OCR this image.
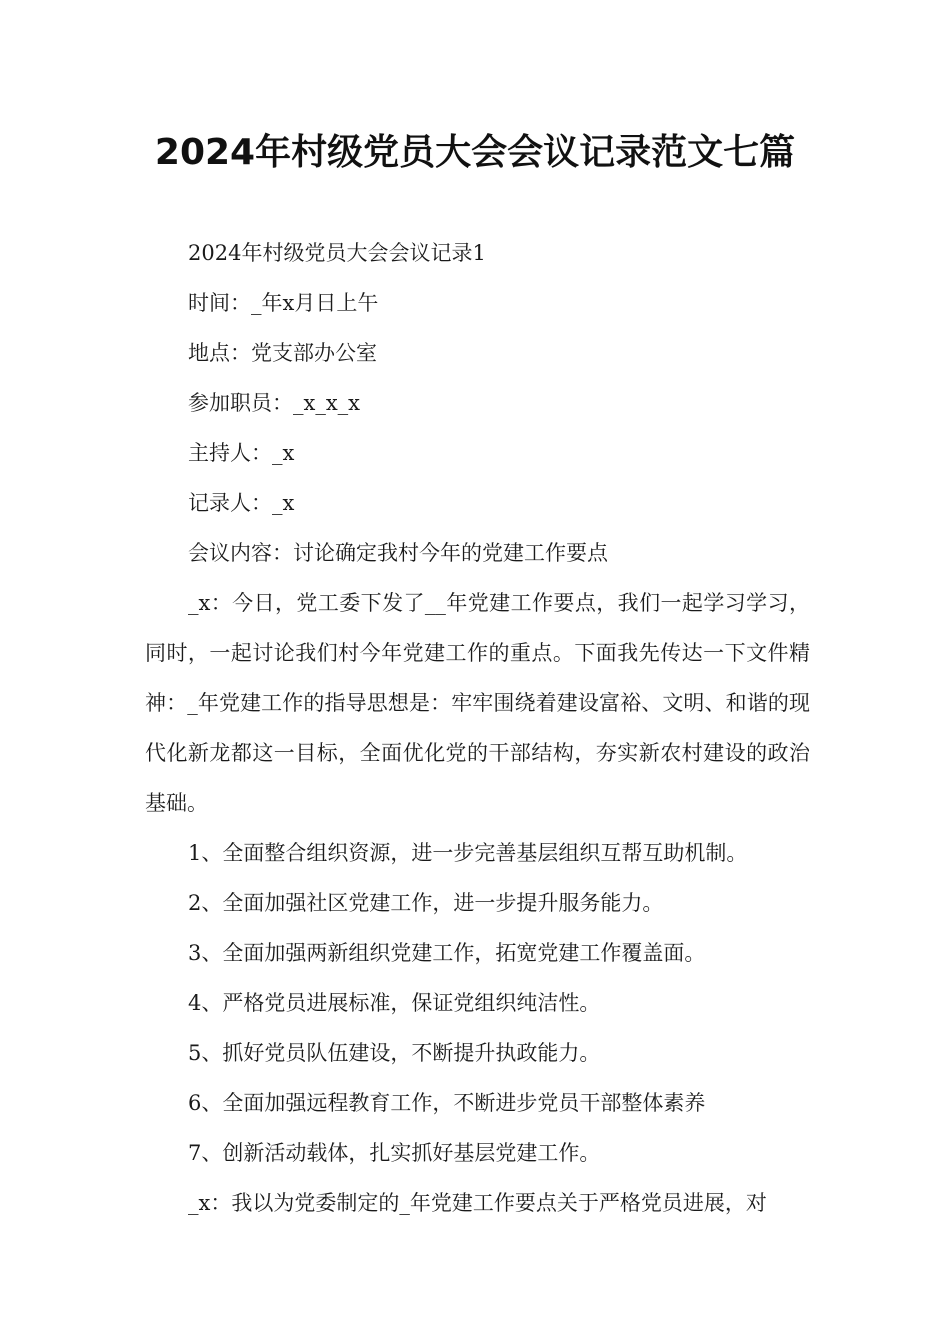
2024年村级党员大会会议记录范文七篇

2024年村级党员大会会议记录1

时间：_年x月日上午

地点：党支部办公室

参加职员：_x_x_x

主持人：_x

记录人：_x

会议内容：讨论确定我村今年的党建工作要点

_x：今日，党工委下发了__年党建工作要点，我们一起学习学习，同时，一起讨论我们村今年党建工作的重点。下面我先传达一下文件精神：_年党建工作的指导思想是：牢牢围绕着建设富裕、文明、和谐的现代化新龙都这一目标，全面优化党的干部结构，夯实新农村建设的政治基础。

1、全面整合组织资源，进一步完善基层组织互帮互助机制。

2、全面加强社区党建工作，进一步提升服务能力。

3、全面加强两新组织党建工作，拓宽党建工作覆盖面。

4、严格党员进展标准，保证党组织纯洁性。

5、抓好党员队伍建设，不断提升执政能力。

6、全面加强远程教育工作，不断进步党员干部整体素养

7、创新活动载体，扎实抓好基层党建工作。

_x：我以为党委制定的_年党建工作要点关于严格党员进展，对
